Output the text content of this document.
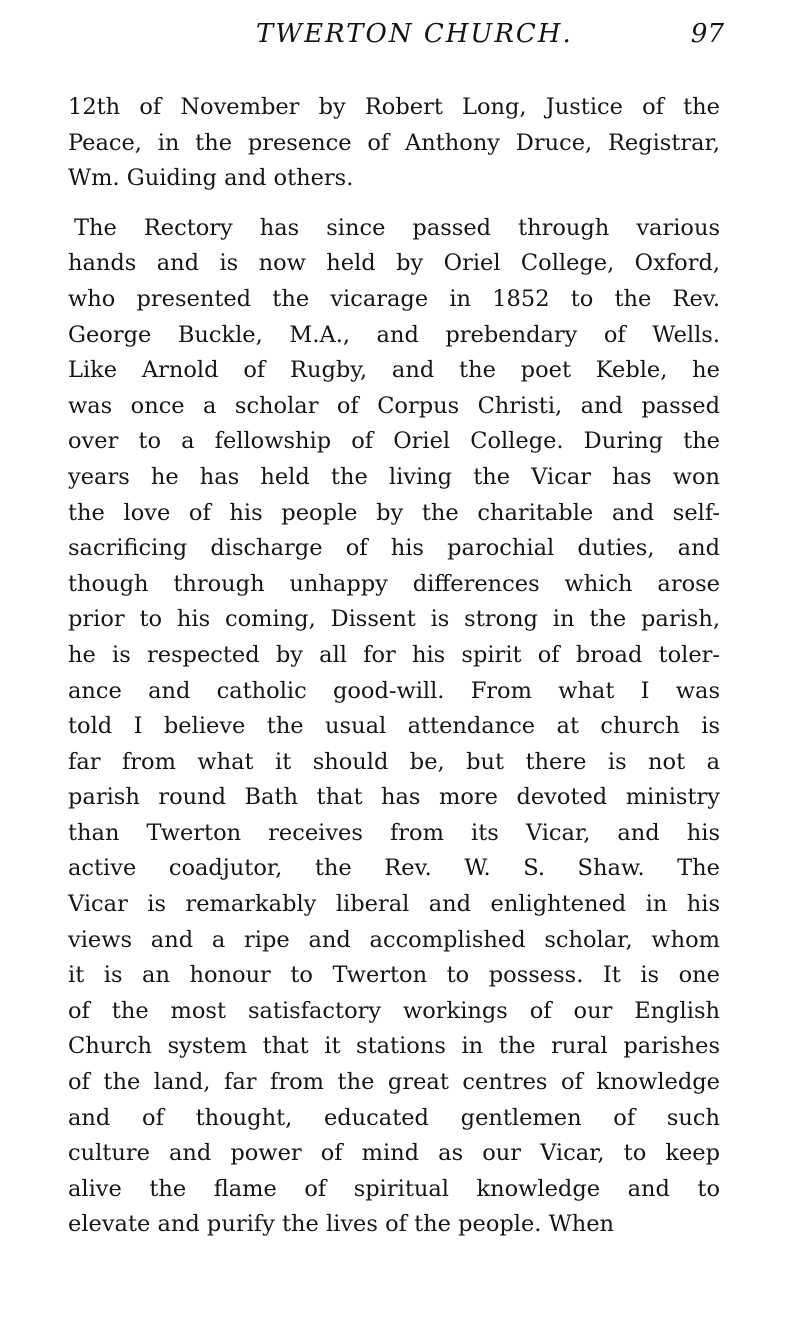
TWERTON CHURCH.	97
12th of November by Robert Long, Justice of the
Peace, in the presence of Anthony Druce, Registrar,
Wm. Guiding and others.
The Rectory has since passed through various
hands and is now held by Oriel College, Oxford,
who presented the vicarage in 1852 to the Rev.
George Buckle, M.A., and prebendary of Wells.
Like Arnold of Rugby, and the poet Keble, he
was once a scholar of Corpus Christi, and passed
over to a fellowship of Oriel College. During the
years he has held the living the Vicar has won
the love of his people by the charitable and self-
sacrificing discharge of his parochial duties, and
though through unhappy differences which arose
prior to his coming, Dissent is strong in the parish,
he is respected by all for his spirit of broad toler-
ance and catholic good-will. From what I was
told I believe the usual attendance at church is
far from what it should be, but there is not a
parish round Bath that has more devoted ministry
than Twerton receives from its Vicar, and his
active coadjutor, the Rev. W. S. Shaw. The
Vicar is remarkably liberal and enlightened in his
views and a ripe and accomplished scholar, whom
it is an honour to Twerton to possess. It is one
of the most satisfactory workings of our English
Church system that it stations in the rural parishes
of the land, far from the great centres of knowledge
and of thought, educated gentlemen of such
culture and power of mind as our Vicar, to keep
alive the flame of spiritual knowledge and to
elevate and purify the lives of the people. When
